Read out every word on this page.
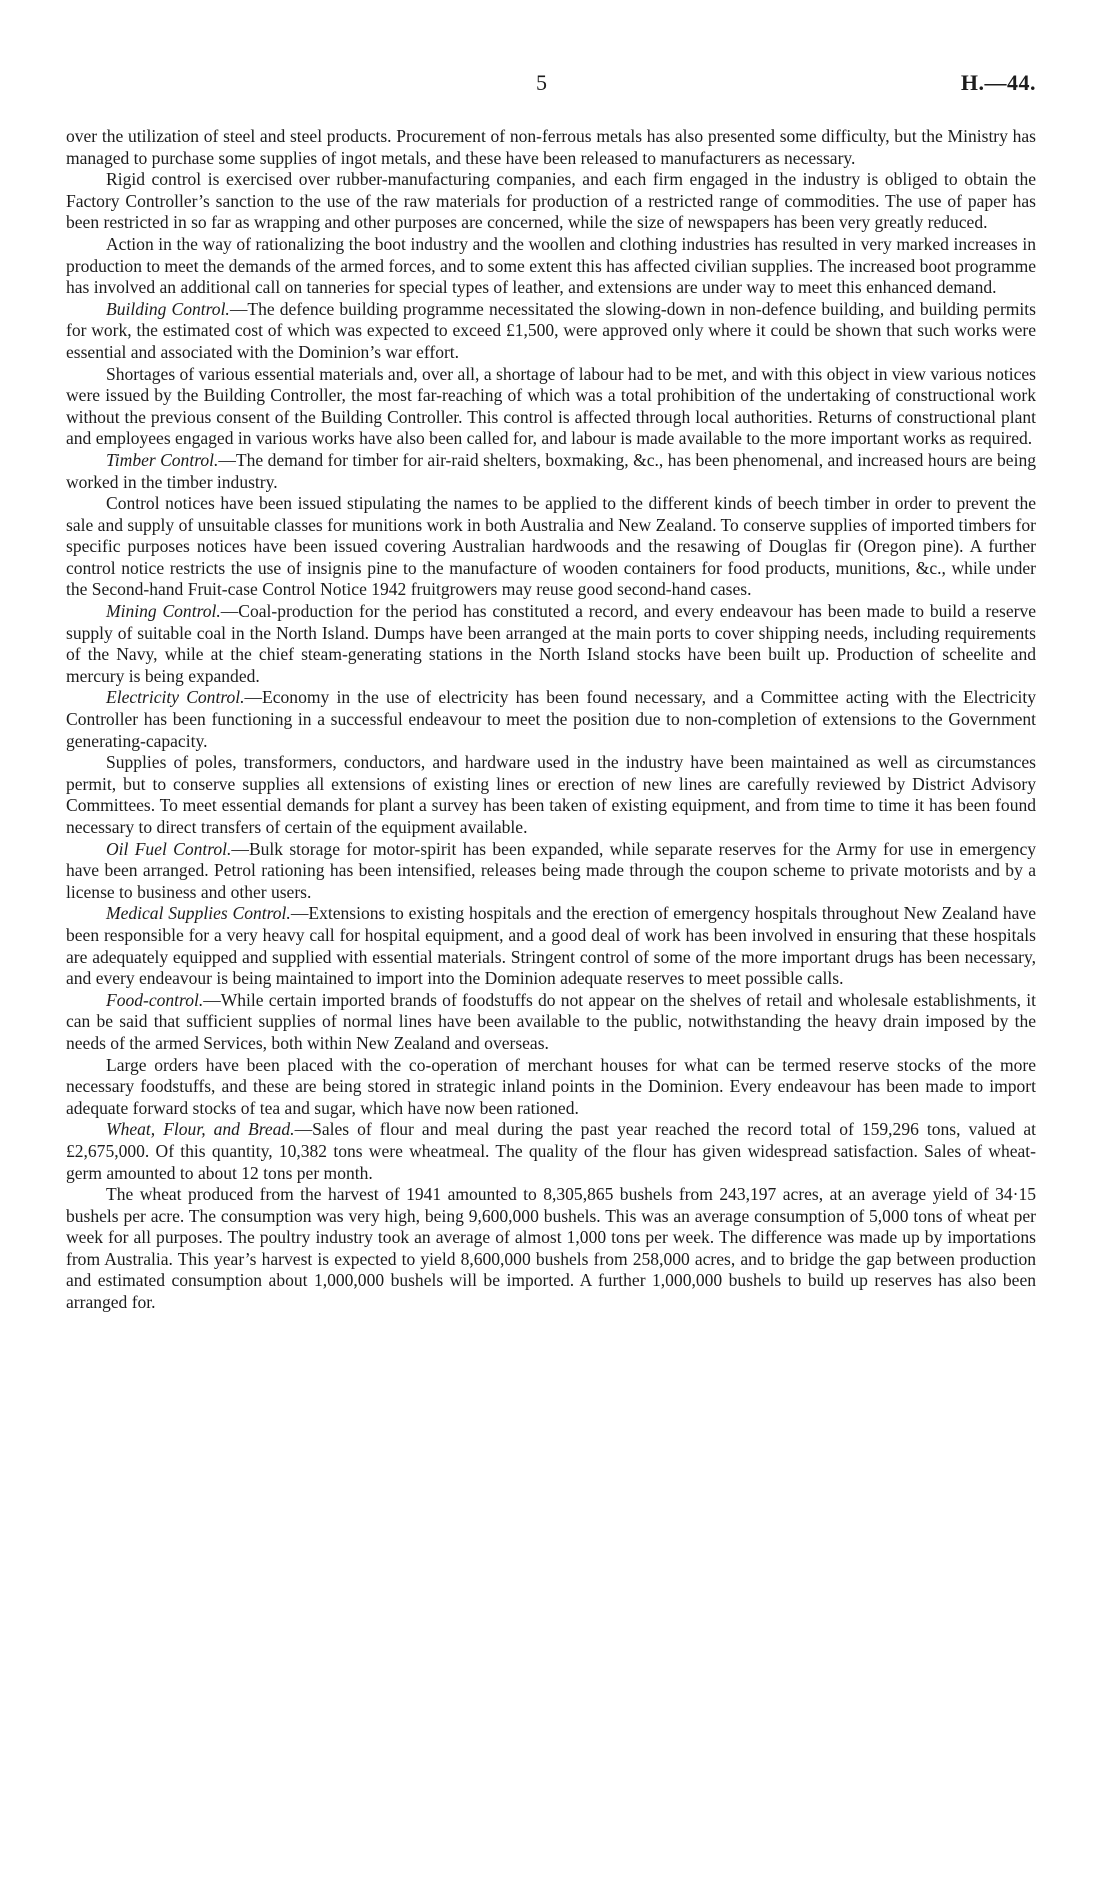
5	H.—44.

over the utilization of steel and steel products. Procurement of non-ferrous metals has also presented some difficulty, but the Ministry has managed to purchase some supplies of ingot metals, and these have been released to manufacturers as necessary.

Rigid control is exercised over rubber-manufacturing companies, and each firm engaged in the industry is obliged to obtain the Factory Controller’s sanction to the use of the raw materials for production of a restricted range of commodities. The use of paper has been restricted in so far as wrapping and other purposes are concerned, while the size of newspapers has been very greatly reduced.

Action in the way of rationalizing the boot industry and the woollen and clothing industries has resulted in very marked increases in production to meet the demands of the armed forces, and to some extent this has affected civilian supplies. The increased boot programme has involved an additional call on tanneries for special types of leather, and extensions are under way to meet this enhanced demand.

Building Control.—The defence building programme necessitated the slowing-down in non-defence building, and building permits for work, the estimated cost of which was expected to exceed £1,500, were approved only where it could be shown that such works were essential and associated with the Dominion’s war effort.

Shortages of various essential materials and, over all, a shortage of labour had to be met, and with this object in view various notices were issued by the Building Controller, the most far-reaching of which was a total prohibition of the undertaking of constructional work without the previous consent of the Building Controller. This control is affected through local authorities. Returns of constructional plant and employees engaged in various works have also been called for, and labour is made available to the more important works as required.

Timber Control.—The demand for timber for air-raid shelters, boxmaking, &c., has been phenomenal, and increased hours are being worked in the timber industry.

Control notices have been issued stipulating the names to be applied to the different kinds of beech timber in order to prevent the sale and supply of unsuitable classes for munitions work in both Australia and New Zealand. To conserve supplies of imported timbers for specific purposes notices have been issued covering Australian hardwoods and the resawing of Douglas fir (Oregon pine). A further control notice restricts the use of insignis pine to the manufacture of wooden containers for food products, munitions, &c., while under the Second-hand Fruit-case Control Notice 1942 fruitgrowers may reuse good second-hand cases.

Mining Control.—Coal-production for the period has constituted a record, and every endeavour has been made to build a reserve supply of suitable coal in the North Island. Dumps have been arranged at the main ports to cover shipping needs, including requirements of the Navy, while at the chief steam-generating stations in the North Island stocks have been built up. Production of scheelite and mercury is being expanded.

Electricity Control.—Economy in the use of electricity has been found necessary, and a Committee acting with the Electricity Controller has been functioning in a successful endeavour to meet the position due to non-completion of extensions to the Government generating-capacity.

Supplies of poles, transformers, conductors, and hardware used in the industry have been maintained as well as circumstances permit, but to conserve supplies all extensions of existing lines or erection of new lines are carefully reviewed by District Advisory Committees. To meet essential demands for plant a survey has been taken of existing equipment, and from time to time it has been found necessary to direct transfers of certain of the equipment available.

Oil Fuel Control.—Bulk storage for motor-spirit has been expanded, while separate reserves for the Army for use in emergency have been arranged. Petrol rationing has been intensified, releases being made through the coupon scheme to private motorists and by a license to business and other users.

Medical Supplies Control.—Extensions to existing hospitals and the erection of emergency hospitals throughout New Zealand have been responsible for a very heavy call for hospital equipment, and a good deal of work has been involved in ensuring that these hospitals are adequately equipped and supplied with essential materials. Stringent control of some of the more important drugs has been necessary, and every endeavour is being maintained to import into the Dominion adequate reserves to meet possible calls.

Food-control.—While certain imported brands of foodstuffs do not appear on the shelves of retail and wholesale establishments, it can be said that sufficient supplies of normal lines have been available to the public, notwithstanding the heavy drain imposed by the needs of the armed Services, both within New Zealand and overseas.

Large orders have been placed with the co-operation of merchant houses for what can be termed reserve stocks of the more necessary foodstuffs, and these are being stored in strategic inland points in the Dominion. Every endeavour has been made to import adequate forward stocks of tea and sugar, which have now been rationed.

Wheat, Flour, and Bread.—Sales of flour and meal during the past year reached the record total of 159,296 tons, valued at £2,675,000. Of this quantity, 10,382 tons were wheatmeal. The quality of the flour has given widespread satisfaction. Sales of wheat-germ amounted to about 12 tons per month.

The wheat produced from the harvest of 1941 amounted to 8,305,865 bushels from 243,197 acres, at an average yield of 34·15 bushels per acre. The consumption was very high, being 9,600,000 bushels. This was an average consumption of 5,000 tons of wheat per week for all purposes. The poultry industry took an average of almost 1,000 tons per week. The difference was made up by importations from Australia. This year’s harvest is expected to yield 8,600,000 bushels from 258,000 acres, and to bridge the gap between production and estimated consumption about 1,000,000 bushels will be imported. A further 1,000,000 bushels to build up reserves has also been arranged for.
